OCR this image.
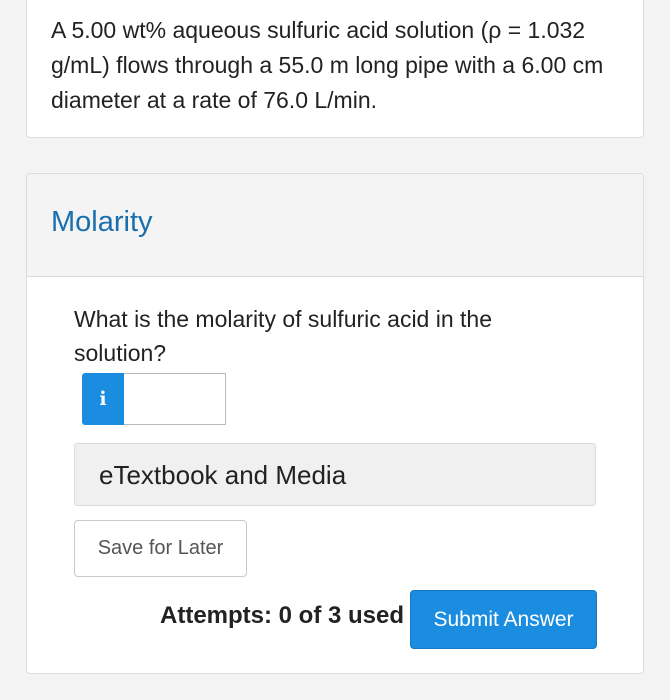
A 5.00 wt% aqueous sulfuric acid solution (ρ = 1.032 g/mL) flows through a 55.0 m long pipe with a 6.00 cm diameter at a rate of 76.0 L/min.

Molarity

What is the molarity of sulfuric acid in the solution?

i
eTextbook and Media
Save for Later
Attempts: 0 of 3 used	Submit Answer
